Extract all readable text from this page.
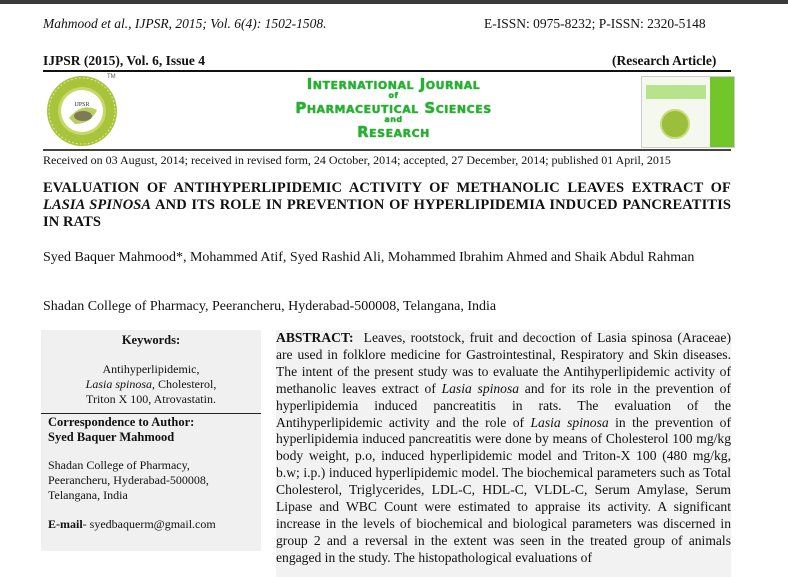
Mahmood et al., IJPSR, 2015; Vol. 6(4): 1502-1508.	E-ISSN: 0975-8232; P-ISSN: 2320-5148
IJPSR (2015), Vol. 6, Issue 4	(Research Article)
IJPSR
TM	International Journal
of
Pharmaceutical Sciences
and
Research
Received on 03 August, 2014; received in revised form, 24 October, 2014; accepted, 27 December, 2014; published 01 April, 2015
EVALUATION OF ANTIHYPERLIPIDEMIC ACTIVITY OF METHANOLIC LEAVES EXTRACT OF LASIA SPINOSA AND ITS ROLE IN PREVENTION OF HYPERLIPIDEMIA INDUCED PANCREATITIS IN RATS
Syed Baquer Mahmood*, Mohammed Atif, Syed Rashid Ali, Mohammed Ibrahim Ahmed and Shaik Abdul Rahman
Shadan College of Pharmacy, Peerancheru, Hyderabad-500008, Telangana, India
Keywords:
Antihyperlipidemic,
Lasia spinosa, Cholesterol,
Triton X 100, Atrovastatin.
Correspondence to Author:
Syed Baquer Mahmood
Shadan College of Pharmacy,
Peerancheru, Hyderabad-500008,
Telangana, India
E-mail- syedbaquerm@gmail.com

ABSTRACT:  Leaves, rootstock, fruit and decoction of Lasia spinosa (Araceae) are used in folklore medicine for Gastrointestinal, Respiratory and Skin diseases. The intent of the present study was to evaluate the Antihyperlipidemic activity of methanolic leaves extract of Lasia spinosa and for its role in the prevention of hyperlipidemia induced pancreatitis in rats. The evaluation of the Antihyperlipidemic activity and the role of Lasia spinosa in the prevention of hyperlipidemia induced pancreatitis were done by means of Cholesterol 100 mg/kg body weight, p.o, induced hyperlipidemic model and Triton-X 100 (480 mg/kg, b.w; i.p.) induced hyperlipidemic model. The biochemical parameters such as Total Cholesterol, Triglycerides, LDL-C, HDL-C, VLDL-C, Serum Amylase, Serum Lipase and WBC Count were estimated to appraise its activity. A significant increase in the levels of biochemical and biological parameters was discerned in group 2 and a reversal in the extent was seen in the treated group of animals engaged in the study. The histopathological evaluations of
